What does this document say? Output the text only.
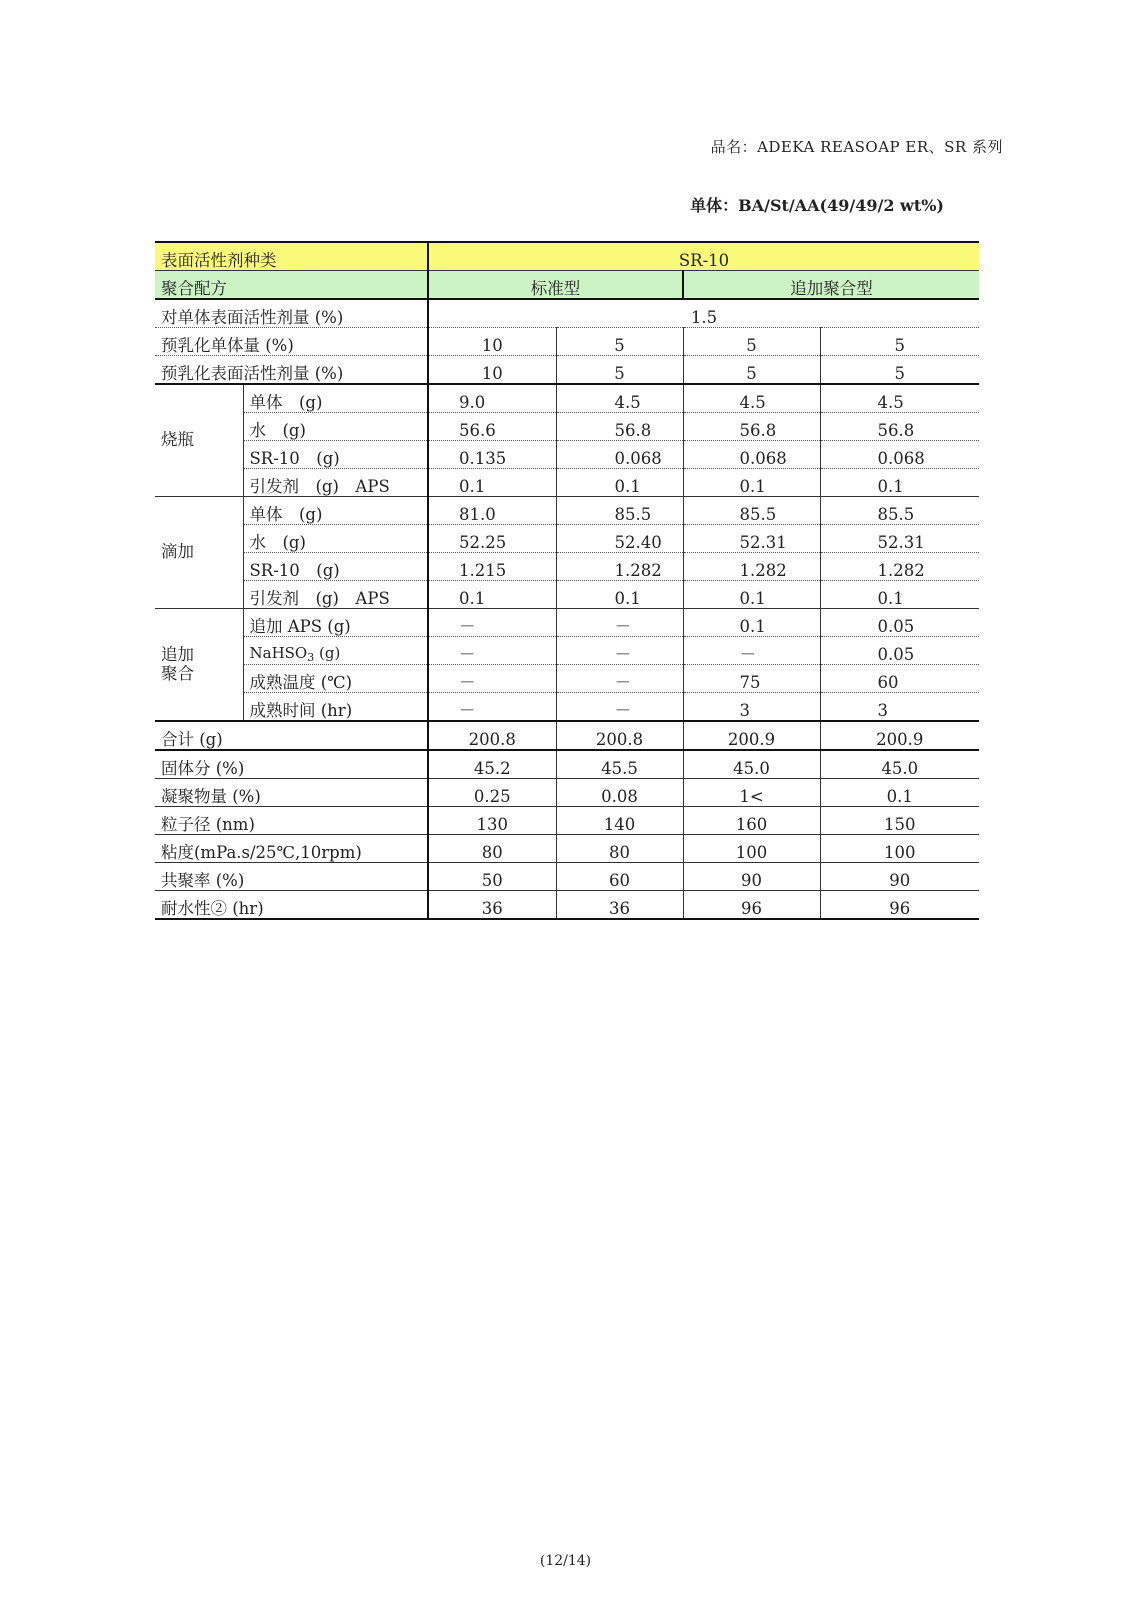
品名：ADEKA REASOAP ER、SR 系列
单体：BA/St/AA(49/49/2 wt%)
表面活性剂种类		SR-10			
聚合配方		标准型		追加聚合型	
对单体表面活性剂量 (%)		1.5			
预乳化单体量 (%)		10	5	5	5
预乳化表面活性剂量 (%)		10	5	5	5

烧瓶	单体　(g)	9.0	4.5	4.5	4.5
	水　(g)	56.6	56.8	56.8	56.8
	SR-10　(g)	0.135	0.068	0.068	0.068
	引发剂　(g)　APS	0.1	0.1	0.1	0.1

滴加	单体　(g)	81.0	85.5	85.5	85.5
	水　(g)	52.25	52.40	52.31	52.31
	SR-10　(g)	1.215	1.282	1.282	1.282
	引发剂　(g)　APS	0.1	0.1	0.1	0.1

追加
聚合	追加 APS (g)	－	－	0.1	0.05
	NaHSO$_3$ (g)	－	－	－	0.05
	成熟温度 (℃)	－	－	75	60
	成熟时间 (hr)	－	－	3	3
合计 (g)		200.8	200.8	200.9	200.9
固体分 (%)		45.2	45.5	45.0	45.0
凝聚物量 (%)		0.25	0.08	1<	0.1
粒子径 (nm)		130	140	160	150
粘度(mPa.s/25℃,10rpm)		80	80	100	100
共聚率 (%)		50	60	90	90
耐水性② (hr)		36	36	96	96
(12/14)
